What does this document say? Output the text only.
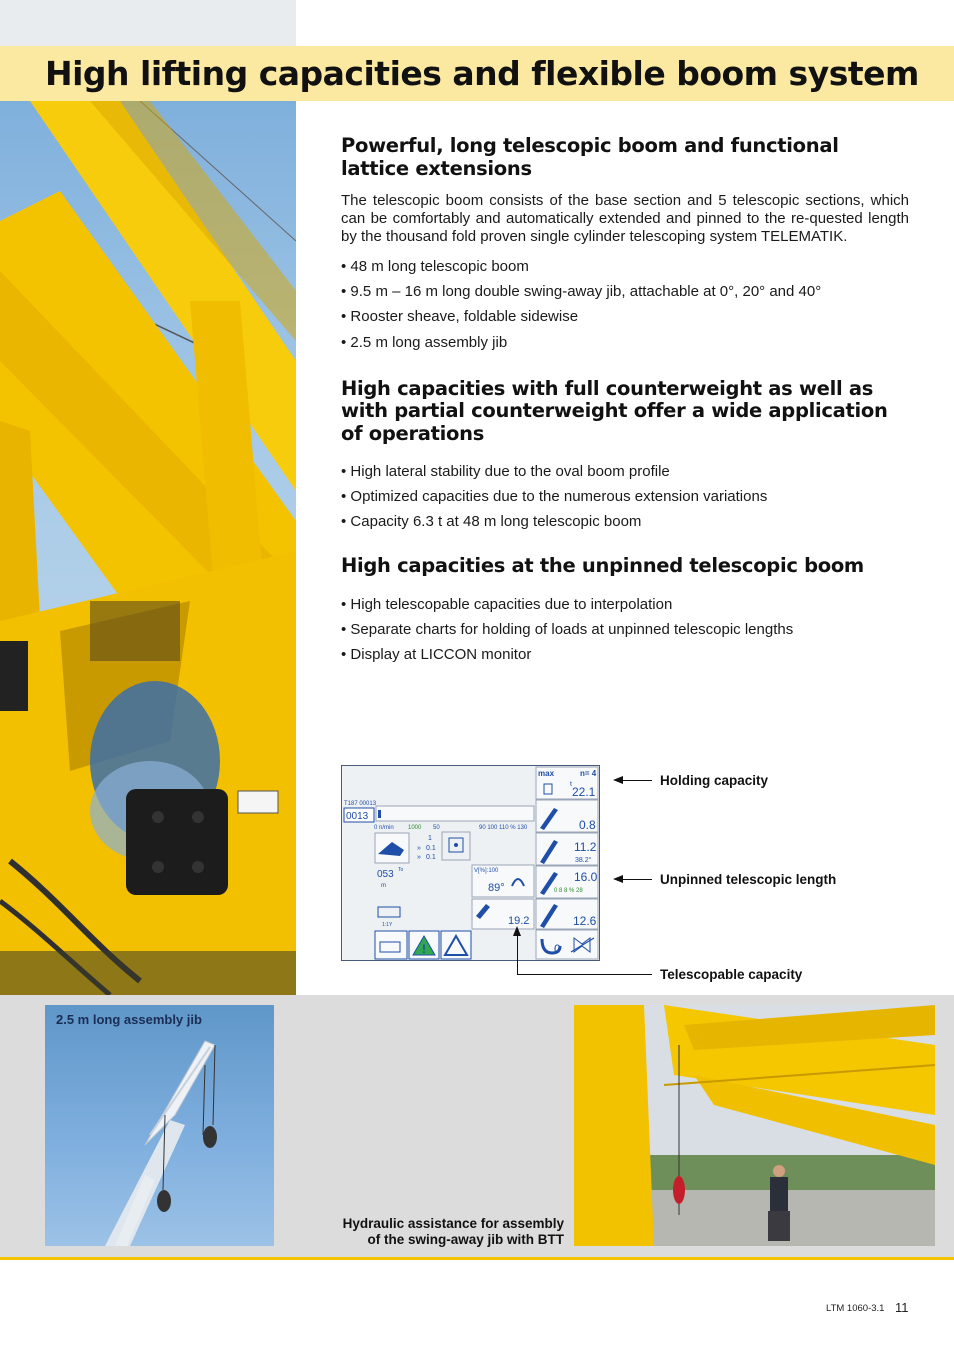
High lifting capacities and flexible boom system
Powerful, long telescopic boom and functional lattice extensions

The telescopic boom consists of the base section and 5 telescopic sections, which can be comfortably and automatically extended and pinned to the re-quested length by the thousand fold proven single cylinder telescoping system TELEMATIK.

• 48 m long telescopic boom
• 9.5 m – 16 m long double swing-away jib, attachable at 0°, 20° and 40°
• Rooster sheave, foldable sidewise
• 2.5 m long assembly jib
High capacities with full counterweight as well as with partial counterweight offer a wide application of operations
• High lateral stability due to the oval boom profile
• Optimized capacities due to the numerous extension variations
• Capacity 6.3 t at 48 m long telescopic boom
High capacities at the unpinned telescopic boom
• High telescopable capacities due to interpolation
• Separate charts for holding of loads at unpinned telescopic lengths
• Display at LICCON monitor
max	n= 4
t
22.1
0.8
11.2
38.2°
16.0
0 8 8 % 28
12.6
0
T187 00013
0013
0 n/min 1000 50	90 100 110 % 130
1
0.1
0.1
»
»
053 To
m
1:1Y
V[%]:100
89°
19.2
!
Holding capacity
Unpinned telescopic length
Telescopable capacity
2.5 m long assembly jib
Hydraulic assistance for assembly
of the swing-away jib with BTT
LTM 1060-3.1 11
